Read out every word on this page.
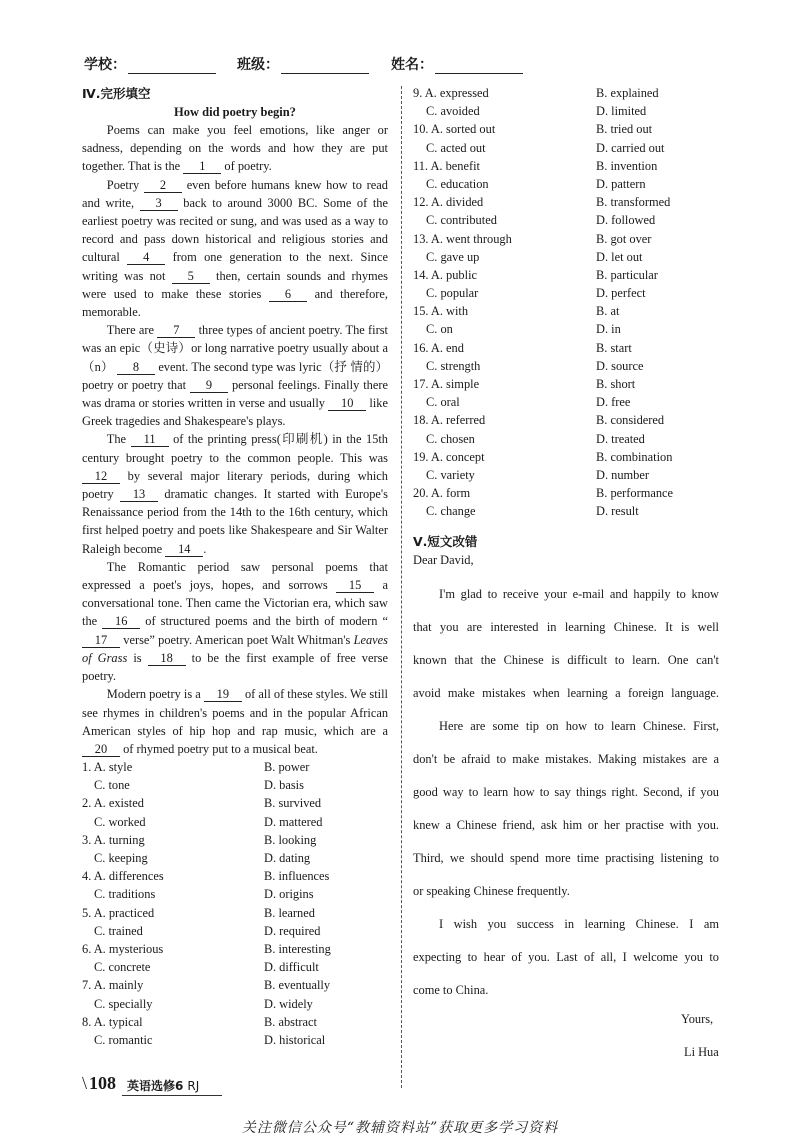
学校：	班级：	姓名：
Ⅳ.完形填空
How did poetry begin?
Poems can make you feel emotions, like anger or sadness, depending on the words and how they are put together. That is the 1 of poetry.
Poetry 2 even before humans knew how to read and write, 3 back to around 3000 BC. Some of the earliest poetry was recited or sung, and was used as a way to record and pass down historical and religious stories and cultural 4 from one generation to the next. Since writing was not 5 then, certain sounds and rhymes were used to make these stories 6 and therefore, memorable.
There are 7 three types of ancient poetry. The first was an epic（史诗）or long narrative poetry usually about a（n） 8 event. The second type was lyric（抒 情的）poetry or poetry that 9 personal feelings. Finally there was drama or stories written in verse and usually 10 like Greek tragedies and Shakespeare's plays.
The 11 of the printing press(印刷机) in the 15th century brought poetry to the common people. This was 12 by several major literary periods, during which poetry 13 dramatic changes. It started with Europe's Renaissance period from the 14th to the 16th century, which first helped poetry and poets like Shakespeare and Sir Walter Raleigh become 14 .
The Romantic period saw personal poems that expressed a poet's joys, hopes, and sorrows 15 a conversational tone. Then came the Victorian era, which saw the 16 of structured poems and the birth of modern “17 verse” poetry. American poet Walt Whitman's Leaves of Grass is 18 to be the first example of free verse poetry.
Modern poetry is a 19 of all of these styles. We still see rhymes in children's poems and in the popular African American styles of hip hop and rap music, which are a 20 of rhymed poetry put to a musical beat.
1. A. style	B. power
C. tone	D. basis
2. A. existed	B. survived
C. worked	D. mattered
3. A. turning	B. looking
C. keeping	D. dating
4. A. differences	B. influences
C. traditions	D. origins
5. A. practiced	B. learned
C. trained	D. required
6. A. mysterious	B. interesting
C. concrete	D. difficult
7. A. mainly	B. eventually
C. specially	D. widely
8. A. typical	B. abstract
C. romantic	D. historical
9. A. expressed	B. explained
C. avoided	D. limited
10. A. sorted out	B. tried out
C. acted out	D. carried out
11. A. benefit	B. invention
C. education	D. pattern
12. A. divided	B. transformed
C. contributed	D. followed
13. A. went through	B. got over
C. gave up	D. let out
14. A. public	B. particular
C. popular	D. perfect
15. A. with	B. at
C. on	D. in
16. A. end	B. start
C. strength	D. source
17. A. simple	B. short
C. oral	D. free
18. A. referred	B. considered
C. chosen	D. treated
19. A. concept	B. combination
C. variety	D. number
20. A. form	B. performance
C. change	D. result
Ⅴ.短文改错
Dear David,
I'm glad to receive your e-mail and happily to know
that you are interested in learning Chinese. It is well
known that the Chinese is difficult to learn. One can't
avoid make mistakes when learning a foreign language.
Here are some tip on how to learn Chinese. First,
don't be afraid to make mistakes. Making mistakes are a
good way to learn how to say things right. Second, if you
knew a Chinese friend, ask him or her practise with you.
Third, we should spend more time practising listening to
or speaking Chinese frequently.
I wish you success in learning Chinese. I am
expecting to hear of you. Last of all, I welcome you to
come to China.
Yours,
Li Hua
\ 108 英语选修6 RJ
关注微信公众号“教辅资料站”获取更多学习资料
